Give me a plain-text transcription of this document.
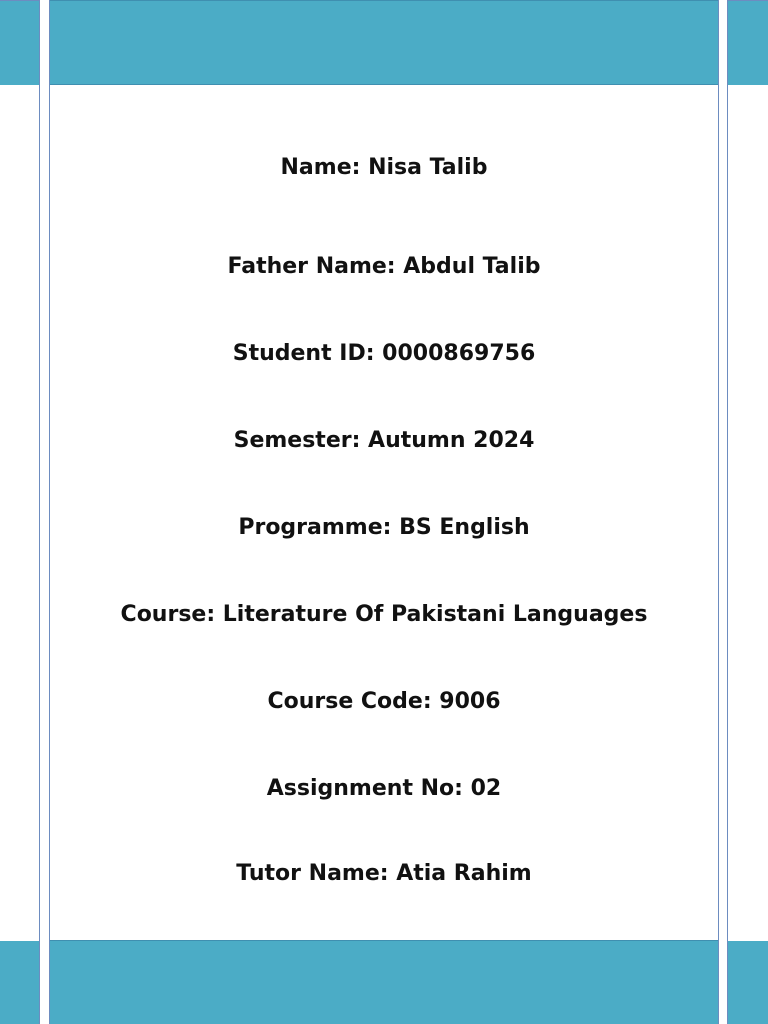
Name: Nisa Talib
Father Name: Abdul Talib
Student ID: 0000869756
Semester: Autumn 2024
Programme: BS English
Course: Literature Of Pakistani Languages
Course Code: 9006
Assignment No: 02
Tutor Name: Atia Rahim
